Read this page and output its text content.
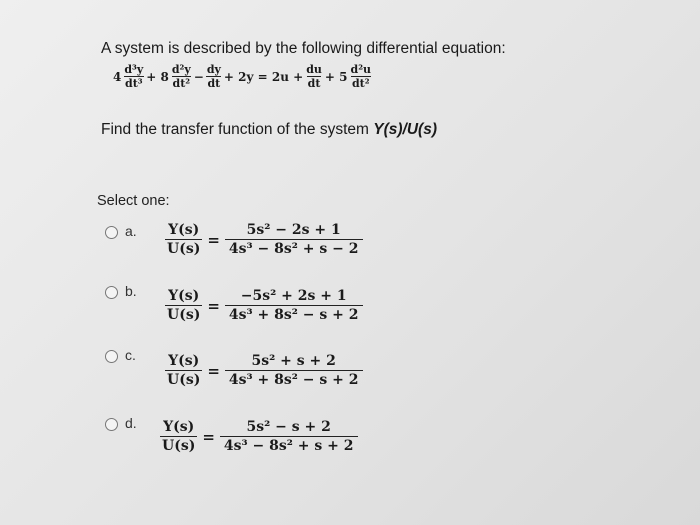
A system is described by the following differential equation:
$4 \frac{\text{d³y}}{\text{dt³}} + 8 \frac{\text{d²y}}{\text{dt²}} - \frac{dy}{dt} + 2y = 2u + \frac{du}{dt} + 5 \frac{\text{d²u}}{\text{dt²}}$
Find the transfer function of the system Y(s)/U(s)
Select one:
a. $\frac{Y(s)}{U(s)} = \frac{\text{5s² − 2s + 1}}{\text{4s³ − 8s² + s − 2}}$
b. $\frac{Y(s)}{U(s)} = \frac{\text{−5s² + 2s + 1}}{\text{4s³ + 8s² − s + 2}}$
c. $\frac{Y(s)}{U(s)} = \frac{\text{5s² + s + 2}}{\text{4s³ + 8s² − s + 2}}$
d. $\frac{Y(s)}{U(s)} = \frac{\text{5s² − s + 2}}{\text{4s³ − 8s² + s + 2}}$
